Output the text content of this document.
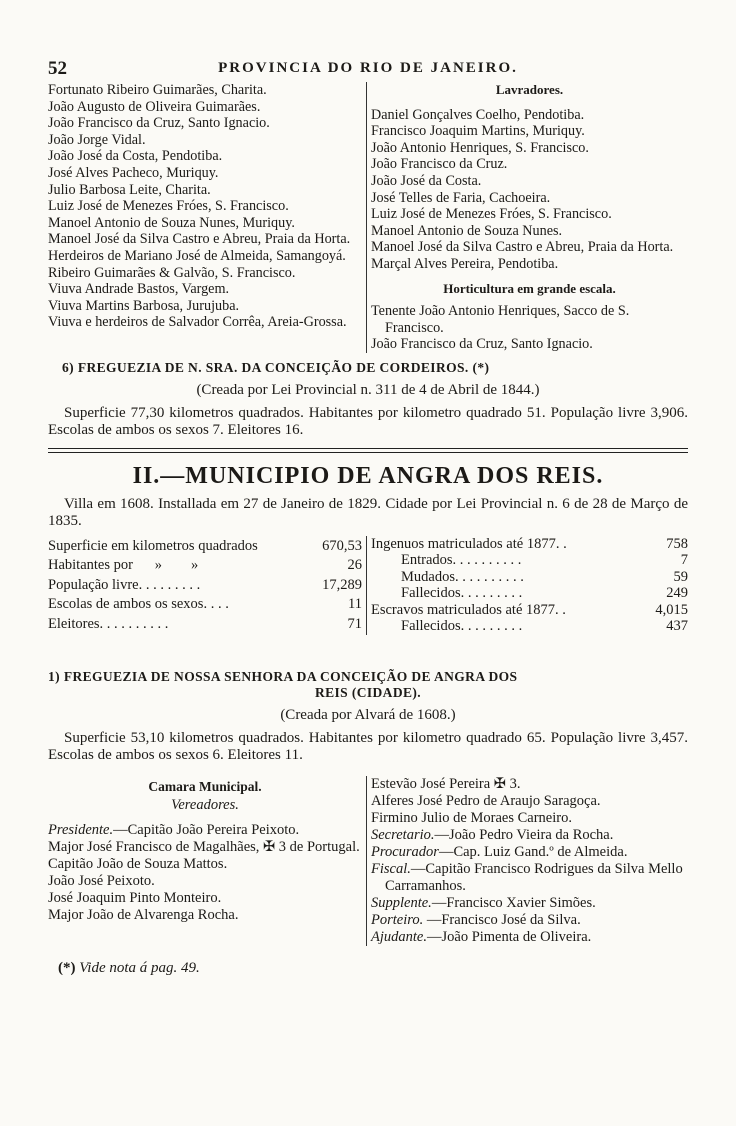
52	PROVINCIA DO RIO DE JANEIRO.
Fortunato Ribeiro Guimarães, Charita.
João Augusto de Oliveira Guimarães.
João Francisco da Cruz, Santo Ignacio.
João Jorge Vidal.
João José da Costa, Pendotiba.
José Alves Pacheco, Muriquy.
Julio Barbosa Leite, Charita.
Luiz José de Menezes Fróes, S. Francisco.
Manoel Antonio de Souza Nunes, Muriquy.
Manoel José da Silva Castro e Abreu, Praia da Horta.
Herdeiros de Mariano José de Almeida, Samangoyá.
Ribeiro Guimarães & Galvão, S. Francisco.
Viuva Andrade Bastos, Vargem.
Viuva Martins Barbosa, Jurujuba.
Viuva e herdeiros de Salvador Corrêa, Areia-Grossa.
Lavradores.
Daniel Gonçalves Coelho, Pendotiba.
Francisco Joaquim Martins, Muriquy.
João Antonio Henriques, S. Francisco.
João Francisco da Cruz.
João José da Costa.
José Telles de Faria, Cachoeira.
Luiz José de Menezes Fróes, S. Francisco.
Manoel Antonio de Souza Nunes.
Manoel José da Silva Castro e Abreu, Praia da Horta.
Marçal Alves Pereira, Pendotiba.
Horticultura em grande escala.
Tenente João Antonio Henriques, Sacco de S. Francisco.
João Francisco da Cruz, Santo Ignacio.
6) FREGUEZIA DE N. SRA. DA CONCEIÇÃO DE CORDEIROS. (*)
(Creada por Lei Provincial n. 311 de 4 de Abril de 1844.)
Superficie 77,30 kilometros quadrados. Habitantes por kilometro quadrado 51. População livre 3,906. Escolas de ambos os sexos 7. Eleitores 16.
II.—MUNICIPIO DE ANGRA DOS REIS.
Villa em 1608. Installada em 27 de Janeiro de 1829. Cidade por Lei Provincial n. 6 de 28 de Março de 1835.
Superficie em kilometros quadrados	670,53
Habitantes por      »        »	26
População livre. . . . . . . . .	17,289
Escolas de ambos os sexos. . . .	11
Eleitores. . . . . . . . . .	71
Ingenuos matriculados até 1877. .	758
Entrados. . . . . . . . . .	7
Mudados. . . . . . . . . .	59
Fallecidos. . . . . . . . .	249
Escravos matriculados até 1877. .	4,015
Fallecidos. . . . . . . . .	437
1) FREGUEZIA DE NOSSA SENHORA DA CONCEIÇÃO DE ANGRA DOS
REIS (CIDADE).
(Creada por Alvará de 1608.)
Superficie 53,10 kilometros quadrados. Habitantes por kilometro quadrado 65. População livre 3,457. Escolas de ambos os sexos 6. Eleitores 11.
Camara Municipal.
Vereadores.
Presidente.—Capitão João Pereira Peixoto.
Major José Francisco de Magalhães, ✠ 3 de Portugal.
Capitão João de Souza Mattos.
João José Peixoto.
José Joaquim Pinto Monteiro.
Major João de Alvarenga Rocha.
Estevão José Pereira ✠ 3.
Alferes José Pedro de Araujo Saragoça.
Firmino Julio de Moraes Carneiro.
Secretario.—João Pedro Vieira da Rocha.
Procurador—Cap. Luiz Gand.º de Almeida.
Fiscal.—Capitão Francisco Rodrigues da Silva Mello Carramanhos.
Supplente.—Francisco Xavier Simões.
Porteiro. —Francisco José da Silva.
Ajudante.—João Pimenta de Oliveira.
(*) Vide nota á pag. 49.
